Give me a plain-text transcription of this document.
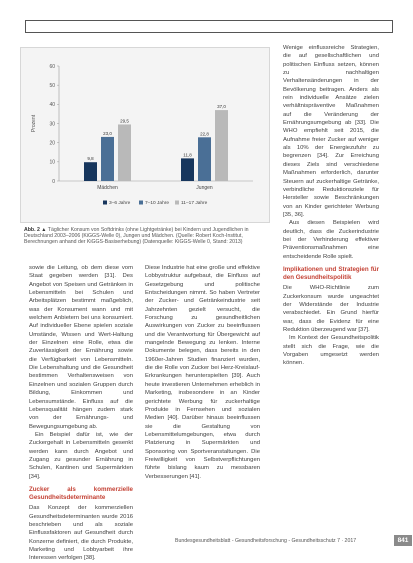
0
10
20
30
40
50
60
Prozent
9,8
23,0
29,5
Mädchen
11,8
22,8
37,0
Jungen
3–6 Jahre	7–10 Jahre 11–17 Jahre
Abb. 2 ▲ Täglicher Konsum von Softdrinks (ohne Lightgetränke) bei Kindern und Jugendlichen in Deutschland 2003–2006 (KiGGS-Welle 0), Jungen und Mädchen. (Quelle: Robert Koch-Institut, Berechnungen anhand der KiGGS-Basiserhebung) (Datenquelle: KiGGS-Welle 0, Stand: 2013)

sowie die Leitung, ob dem diese vom Staat gegeben werden [31]. Des Angebot von Speisen und Getränken in Lebensmitteln bei Schulen und Arbeitsplätzen bestimmt maßgeblich, was der Konsument wann und mit welchem Anbietern bei uns konsumiert. Auf individueller Ebene spielen soziale Umstände, Wissen und Wert-Haltung der Einzelnen eine Rolle, etwa die Zuverlässigkeit der Ernährung sowie die Verfügbarkeit von Lebensmitteln. Die Lebenshaltung und die Gesundheit bestimmen Verhaltensweisen von Einzelnen und sozialen Gruppen durch Bildung, Einkommen und Lebensumstände. Einfluss auf die Lebensqualität hängen zudem stark von der Ernährungs- und Bewegungsumgebung ab.

Ein Beispiel dafür ist, wie der Zuckergehalt in Lebensmitteln gesenkt werden kann durch Angebot und Zugang zu gesunder Ernährung in Schulen, Kantinen und Supermärkten [34].

Zucker als kommerzielle Gesundheitsdeterminante

Das Konzept der kommerziellen Gesundheitsdeterminanten wurde 2016 beschrieben und als soziale Einflussfaktoren auf Gesundheit durch Konzerne definiert, die durch Produkte, Marketing und Lobbyarbeit ihre Interessen verfolgen [38].

Diese Industrie hat eine große und effektive Lobbystruktur aufgebaut, die Einfluss auf Gesetzgebung und politische Entscheidungen nimmt. So haben Vertreter der Zucker- und Getränkeindustrie seit Jahrzehnten gezielt versucht, die Forschung zu gesundheitlichen Auswirkungen von Zucker zu beeinflussen und die Verantwortung für Übergewicht auf mangelnde Bewegung zu lenken. Interne Dokumente belegen, dass bereits in den 1960er-Jahren Studien finanziert wurden, die die Rolle von Zucker bei Herz-Kreislauf-Erkrankungen herunterspielten [39]. Auch heute investieren Unternehmen erheblich in Marketing, insbesondere in an Kinder gerichtete Werbung für zuckerhaltige Produkte in Fernsehen und sozialen Medien [40]. Darüber hinaus beeinflussen sie die Gestaltung von Lebensmittelumgebungen, etwa durch Platzierung in Supermärkten und Sponsoring von Sportveranstaltungen. Die Freiwilligkeit von Selbstverpflichtungen führte bislang kaum zu messbaren Verbesserungen [41].

Wenige einflussreiche Strategien, die auf gesellschaftlichen und politischen Einfluss setzen, können zu nachhaltigen Verhaltensänderungen in der Bevölkerung beitragen. Anders als rein individuelle Ansätze zielen verhältnispräventive Maßnahmen auf die Veränderung der Ernährungsumgebung ab [33]. Die WHO empfiehlt seit 2015, die Aufnahme freier Zucker auf weniger als 10% der Energiezufuhr zu begrenzen [34]. Zur Erreichung dieses Ziels sind verschiedene Maßnahmen erforderlich, darunter Steuern auf zuckerhaltige Getränke, verbindliche Reduktionsziele für Hersteller sowie Beschränkungen von an Kinder gerichteter Werbung [35, 36].

Aus diesen Beispielen wird deutlich, dass die Zuckerindustrie bei der Verhinderung effektiver Präventionsmaßnahmen eine entscheidende Rolle spielt.

Implikationen und Strategien für den Gesundheitspolitik

Die WHO-Richtlinie zum Zuckerkonsum wurde ungeachtet der Widerstände der Industrie verabschiedet. Ein Grund hierfür war, dass die Evidenz für eine Reduktion überzeugend war [37].

Im Kontext der Gesundheitspolitik stellt sich die Frage, wie die Vorgaben umgesetzt werden können.

Bundesgesundheitsblatt - Gesundheitsforschung - Gesundheitsschutz 7 · 2017	841
